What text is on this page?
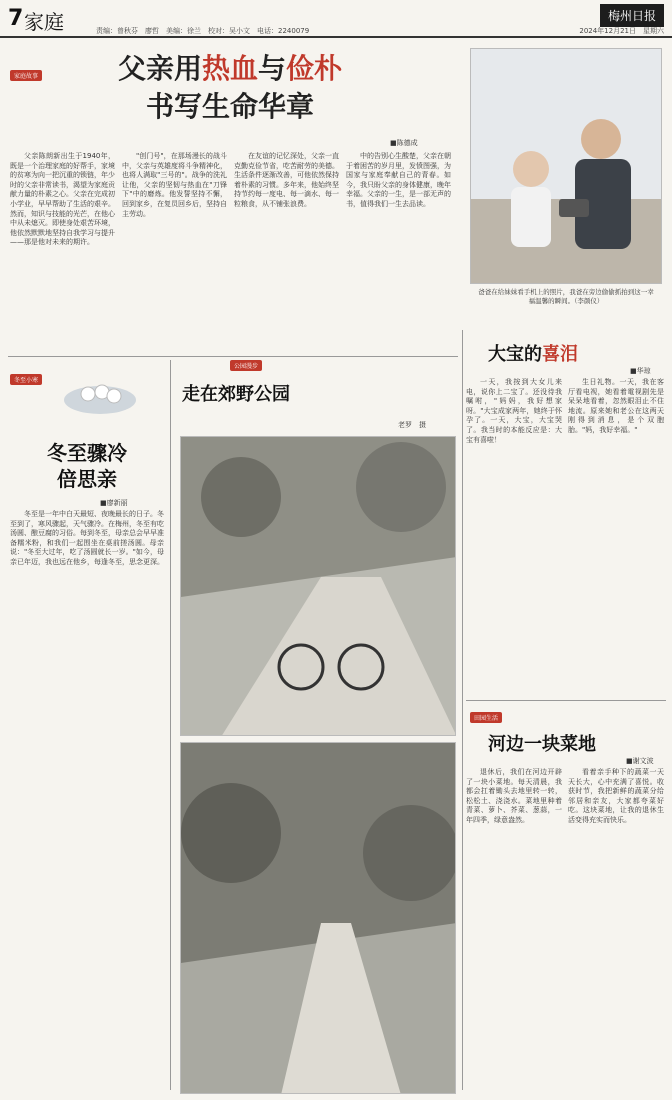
7 家庭	责编：曾秋芬　廖哲　美编：徐兰　校对：吴小文　电话：2240079
梅州日报
2024年12月21日　星期六
家庭故事	父亲用热血与俭朴
书写生命华章
■陈德成

父亲陈朗新出生于1940年，既是一个治理家庭的好帮手，家境的贫寒为向一把沉重的锁链，年少时的父亲非常读书，渴望为家庭贡献力量的朴素之心。父亲在完成初小学业，早早帮助了生活的艰辛。然而，知识与技能的光芒，在他心中从未熄灭。即使身处艰苦环境，他依然默默地坚持自我学习与提升——那是他对未来的期许。

"创门号"，在那场漫长的战斗中，父亲与英雄度将斗争精神化，也将人满取"三号的"。战争的洗礼让他，父亲的坚韧与热血在"刀锋下"中的磨炼。他发誓坚持不懈，回到家乡，在复员回乡后，坚持自主劳动。

在友谊的记忆深处，父亲一直克勤克俭节省，吃苦耐劳的美德。生活条件逐渐改善，可他依然保持着朴素的习惯。多年来，他始终坚持节约每一度电、每一滴水、每一粒粮食，从不铺张浪费。

中的告别心生酸楚，父亲在朝于着困苦的岁月里，发愤图强，为国家与家庭奉献自己的青春。如今，我只盼父亲的身体健康，晚年幸福。父亲的一生，是一部无声的书，值得我们一生去品读。

爸爸在给妹妹看手机上的照片，我爸在旁边偷偷抓拍到这一幸福温馨的瞬间。（李颜仪）
大宝的喜泪
■华琼

一天，我按到大女儿来电，说你上二宝了。还没待我嘱咐，"妈妈，我好想家呀。"大宝成家两年，她终于怀孕了。一天，大宝，大宝哭了。我当时的本能反应是：大宝有喜啦！

生日礼物。一天，我在客厅看电视，她看着電视剧先是呆呆地看着，忽然眼泪止不住地流。原来她和老公在这两天刚得到消息，是个双胞胎。"妈，我好幸福。"

冬至小寒
冬至骤冷
倍思亲
■廖新丽

冬至是一年中白天最短、夜晚最长的日子。冬至到了，寒风骤起，天气骤冷。在梅州，冬至有吃汤圆、酿豆腐的习俗。每到冬至，母亲总会早早准备糯米粉，和我们一起围坐在桌前搓汤圆。母亲说："冬至大过年，吃了汤圆就长一岁。"如今，母亲已年迈，我也远在他乡，每逢冬至，思念更深。

公园漫步
走在郊野公园
老罗　摄
田园生活
河边一块菜地
■谢文波

退休后，我们在河边开辟了一块小菜地。每天清晨，我都会扛着锄头去地里转一转，松松土、浇浇水。菜地里种着青菜、萝卜、芥菜、葱蒜，一年四季，绿意盎然。

看着亲手种下的蔬菜一天天长大，心中充满了喜悦。收获时节，我把新鲜的蔬菜分给邻居和亲友，大家都夸菜好吃。这块菜地，让我的退休生活变得充实而快乐。
